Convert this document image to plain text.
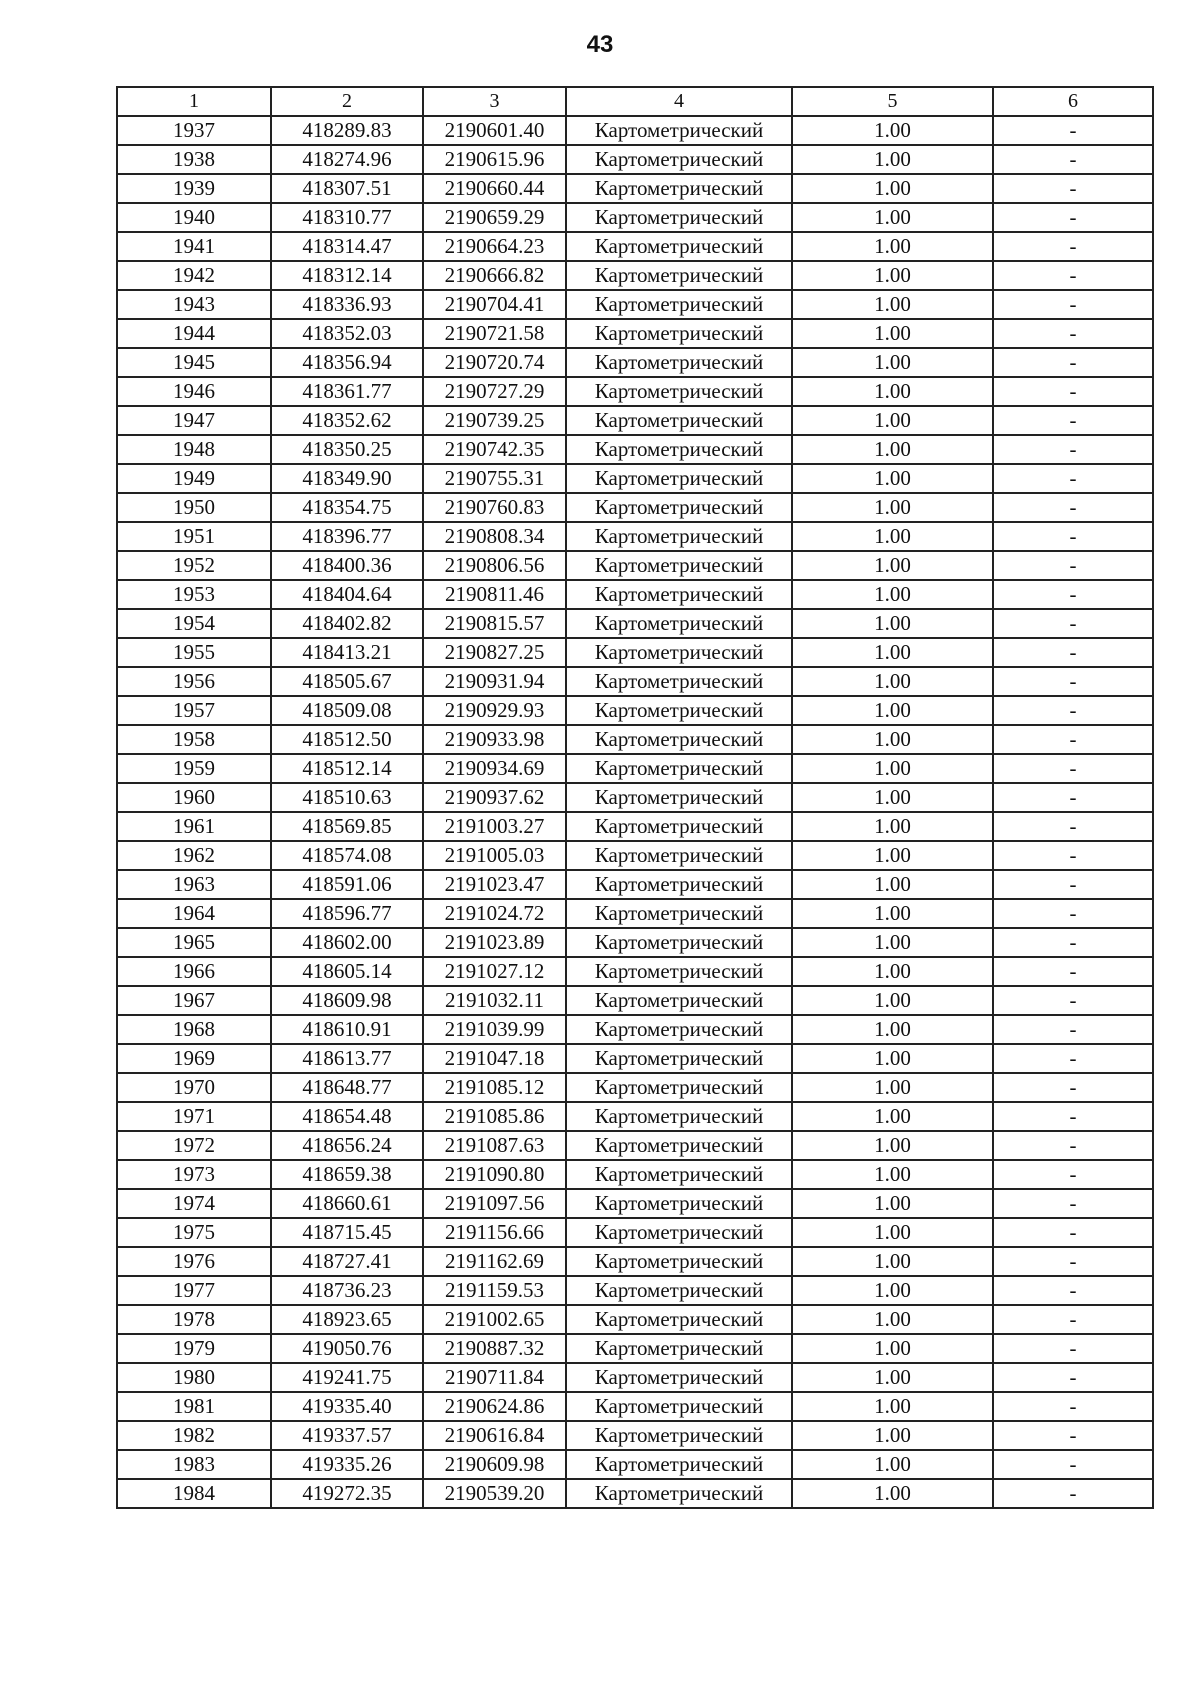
43
1	2	3	4	5	6
1937	418289.83	2190601.40	Картометрический	1.00	-
1938	418274.96	2190615.96	Картометрический	1.00	-
1939	418307.51	2190660.44	Картометрический	1.00	-
1940	418310.77	2190659.29	Картометрический	1.00	-
1941	418314.47	2190664.23	Картометрический	1.00	-
1942	418312.14	2190666.82	Картометрический	1.00	-
1943	418336.93	2190704.41	Картометрический	1.00	-
1944	418352.03	2190721.58	Картометрический	1.00	-
1945	418356.94	2190720.74	Картометрический	1.00	-
1946	418361.77	2190727.29	Картометрический	1.00	-
1947	418352.62	2190739.25	Картометрический	1.00	-
1948	418350.25	2190742.35	Картометрический	1.00	-
1949	418349.90	2190755.31	Картометрический	1.00	-
1950	418354.75	2190760.83	Картометрический	1.00	-
1951	418396.77	2190808.34	Картометрический	1.00	-
1952	418400.36	2190806.56	Картометрический	1.00	-
1953	418404.64	2190811.46	Картометрический	1.00	-
1954	418402.82	2190815.57	Картометрический	1.00	-
1955	418413.21	2190827.25	Картометрический	1.00	-
1956	418505.67	2190931.94	Картометрический	1.00	-
1957	418509.08	2190929.93	Картометрический	1.00	-
1958	418512.50	2190933.98	Картометрический	1.00	-
1959	418512.14	2190934.69	Картометрический	1.00	-
1960	418510.63	2190937.62	Картометрический	1.00	-
1961	418569.85	2191003.27	Картометрический	1.00	-
1962	418574.08	2191005.03	Картометрический	1.00	-
1963	418591.06	2191023.47	Картометрический	1.00	-
1964	418596.77	2191024.72	Картометрический	1.00	-
1965	418602.00	2191023.89	Картометрический	1.00	-
1966	418605.14	2191027.12	Картометрический	1.00	-
1967	418609.98	2191032.11	Картометрический	1.00	-
1968	418610.91	2191039.99	Картометрический	1.00	-
1969	418613.77	2191047.18	Картометрический	1.00	-
1970	418648.77	2191085.12	Картометрический	1.00	-
1971	418654.48	2191085.86	Картометрический	1.00	-
1972	418656.24	2191087.63	Картометрический	1.00	-
1973	418659.38	2191090.80	Картометрический	1.00	-
1974	418660.61	2191097.56	Картометрический	1.00	-
1975	418715.45	2191156.66	Картометрический	1.00	-
1976	418727.41	2191162.69	Картометрический	1.00	-
1977	418736.23	2191159.53	Картометрический	1.00	-
1978	418923.65	2191002.65	Картометрический	1.00	-
1979	419050.76	2190887.32	Картометрический	1.00	-
1980	419241.75	2190711.84	Картометрический	1.00	-
1981	419335.40	2190624.86	Картометрический	1.00	-
1982	419337.57	2190616.84	Картометрический	1.00	-
1983	419335.26	2190609.98	Картометрический	1.00	-
1984	419272.35	2190539.20	Картометрический	1.00	-
